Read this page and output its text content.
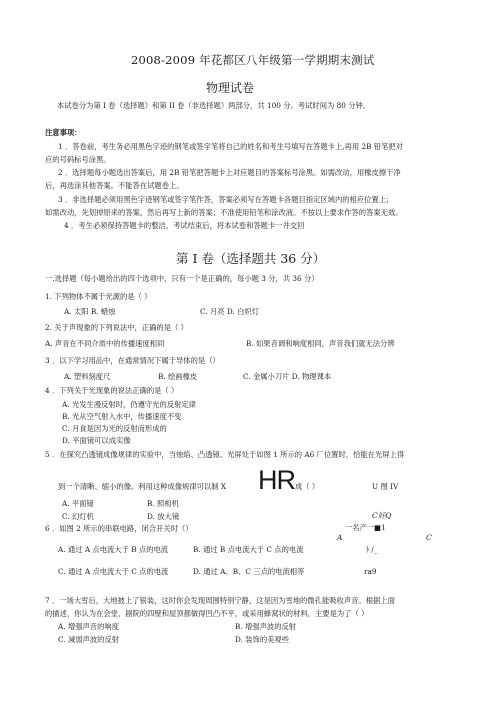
2008-2009 年花都区八年级第一学期期末测试
物理试卷
本试卷分为第 I 卷（选择题）和第 II 卷（非选择题）两部分，共 100 分。考试时间为 80 分钟。
注意事项：
1 ．答卷前，考生务必用黑色字迹的钢笔或签字笔将自己的姓名和考生号填写在答题卡上,再用 2B 铅笔把对
应的号码标号涂黑。
2 ．选择题每小题选出答案后，用 2B 铅笔把答题卡上对应题目的答案标号涂黑。如需改动，用橡皮擦干净
后，再选涂其他答案。不能答在试题卷上。
3 ．非选择题必须用黑色字迹钢笔或签字笔作答，答案必须写在答题卡各题目指定区域内的相应位置上；
如需改动，先划掉原来的答案，然后再写上新的答案；不准使用铅笔和涂改液。不按以上要求作答的答案无效。
4 ．考生必须保持答题卡的整洁，考试结束后，将本试卷和答题卡一并交回
第 I 卷（选择题共 36 分）
一.选择题（每小题给出的四个选项中，只有一个是正确的，每小题 3 分，共 36 分）
1. 下列物体不属于光源的是（ ）
A. 太阳 B. 蜡烛	C. 月亮 D. 白炽灯
2. 关于声现象的下列说法中，正确的是（ ）
A. 声音在不同介质中的传播速度相同	B. 如果音调和响度相同，声音我们就无法分辨
3 ．以下学习用品中，在通常情况下属于导体的是（）
A. 塑料刻度尺	B. 绘画橡皮	C. 金属小刀片 D. 物理课本
4 ．下列关于光现象的说法正确的是（ ）
A. 光发生漫反射时，仍遵守光的反射定律
B. 光从空气射入水中，传播速度不变
C. 月食是因为光的反射而形成的
D. 平面镜可以成实像
5 ．在探究凸透镜成像规律的实验中，当烛焰、凸透镜、光屏处于如图 1 所示的 A6 厂位置时，恰能在光屏上得
到一个清晰、缩小的像。利用这种成像规律可以制 X HR 成（ ）	U 图 IV
A. 平面镜	B. 照相机
C. 幻灯机	D. 放大镜	C好Q
6 ．如图 2 所示的串联电路，闭合开关时（）	一名产一■1
A	C
A. 通过 A 点电流大于 B 点的电流	B. 通过 B 点电流大于 C 点的电流	ト/_
C. 通过 A 点电流大于 C 点的电流	D. 通过 A、B、C 三点的电流相等	ra9
7 ．一场大雪后，大地披上了银装，这时你会发现周围特别宁静，这是因为雪地的微孔能吸收声音。根据上面
的描述，你认为在会堂、剧院的四壁和屋顶都做得凹凸不平，或采用蜂窝状的材料，主要是为了（ ）
A. 增强声音的响度	B. 增强声波的反射
C. 减弱声波的反射	D. 装饰的美观些
